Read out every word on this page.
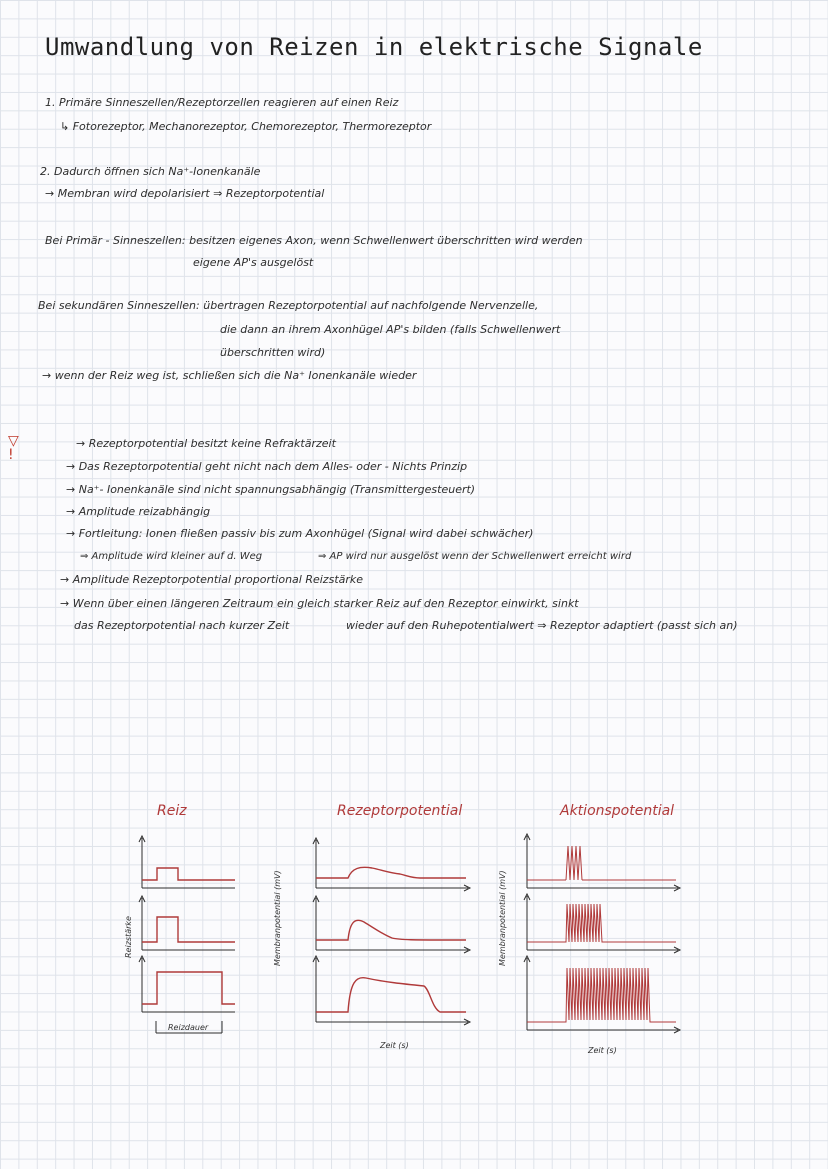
Umwandlung von Reizen in elektrische Signale
1. Primäre Sinneszellen/Rezeptorzellen reagieren auf einen Reiz
↳ Fotorezeptor, Mechanorezeptor, Chemorezeptor, Thermorezeptor
2. Dadurch öffnen sich Na⁺-Ionenkanäle
→ Membran wird depolarisiert ⇒ Rezeptorpotential
Bei Primär - Sinneszellen: besitzen eigenes Axon, wenn Schwellenwert überschritten wird werden
eigene AP's ausgelöst
Bei sekundären Sinneszellen: übertragen Rezeptorpotential auf nachfolgende Nervenzelle,
die dann an ihrem Axonhügel AP's bilden (falls Schwellenwert
überschritten wird)
→ wenn der Reiz weg ist, schließen sich die Na⁺ Ionenkanäle wieder
▽
!
→ Rezeptorpotential besitzt keine Refraktärzeit
→ Das Rezeptorpotential geht nicht nach dem Alles- oder - Nichts Prinzip
→ Na⁺- Ionenkanäle sind nicht spannungsabhängig (Transmittergesteuert)
→ Amplitude reizabhängig
→ Fortleitung: Ionen fließen passiv bis zum Axonhügel (Signal wird dabei schwächer)
⇒ Amplitude wird kleiner auf d. Weg	⇒ AP wird nur ausgelöst wenn der Schwellenwert erreicht wird
→ Amplitude Rezeptorpotential proportional Reizstärke
→ Wenn über einen längeren Zeitraum ein gleich starker Reiz auf den Rezeptor einwirkt, sinkt
das Rezeptorpotential nach kurzer Zeit	wieder auf den Ruhepotentialwert ⇒ Rezeptor adaptiert (passt sich an)
Reiz	Rezeptorpotential	Aktionspotential
Reizstärke
Reizdauer
Membranpotential (mV)	Membranpotential (mV)
Zeit (s)
Zeit (s)
